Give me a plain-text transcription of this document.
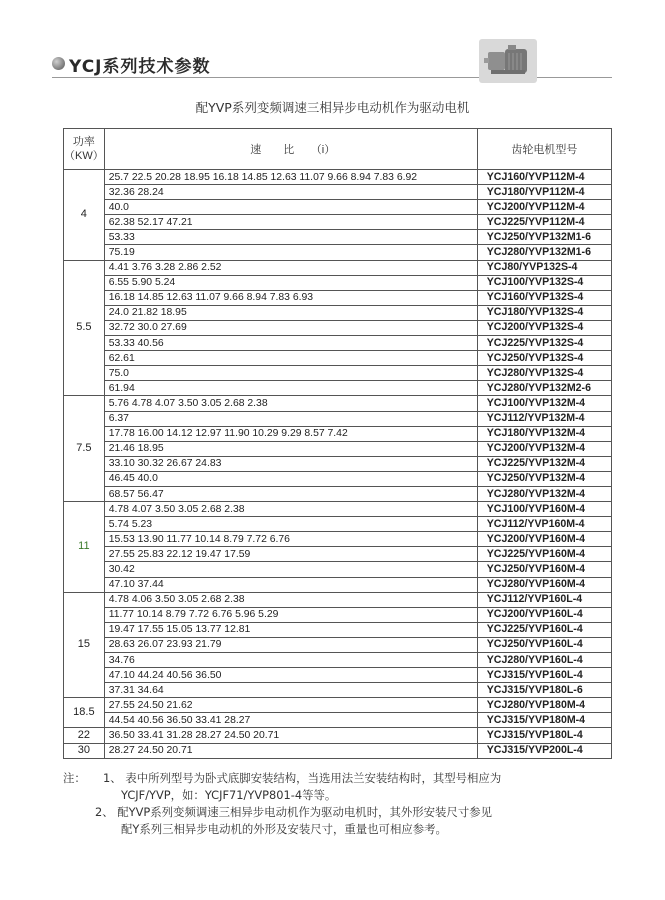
YCJ系列技术参数
配YVP系列变频调速三相异步电动机作为驱动电机
功率
（KW）	速　　比　　（i）	齿轮电机型号
4	25.7 22.5 20.28 18.95 16.18 14.85 12.63 11.07 9.66 8.94 7.83 6.92	YCJ160/YVP112M-4
	32.36 28.24	YCJ180/YVP112M-4
	40.0	YCJ200/YVP112M-4
	62.38 52.17 47.21	YCJ225/YVP112M-4
	53.33	YCJ250/YVP132M1-6
	75.19	YCJ280/YVP132M1-6
5.5	4.41 3.76 3.28 2.86 2.52	YCJ80/YVP132S-4
	6.55 5.90 5.24	YCJ100/YVP132S-4
	16.18 14.85 12.63 11.07 9.66 8.94 7.83 6.93	YCJ160/YVP132S-4
	24.0 21.82 18.95	YCJ180/YVP132S-4
	32.72 30.0 27.69	YCJ200/YVP132S-4
	53.33 40.56	YCJ225/YVP132S-4
	62.61	YCJ250/YVP132S-4
	75.0	YCJ280/YVP132S-4
	61.94	YCJ280/YVP132M2-6
7.5	5.76 4.78 4.07 3.50 3.05 2.68 2.38	YCJ100/YVP132M-4
	6.37	YCJ112/YVP132M-4
	17.78 16.00 14.12 12.97 11.90 10.29 9.29 8.57 7.42	YCJ180/YVP132M-4
	21.46 18.95	YCJ200/YVP132M-4
	33.10 30.32 26.67 24.83	YCJ225/YVP132M-4
	46.45 40.0	YCJ250/YVP132M-4
	68.57 56.47	YCJ280/YVP132M-4
11	4.78 4.07 3.50 3.05 2.68 2.38	YCJ100/YVP160M-4
	5.74 5.23	YCJ112/YVP160M-4
	15.53 13.90 11.77 10.14 8.79 7.72 6.76	YCJ200/YVP160M-4
	27.55 25.83 22.12 19.47 17.59	YCJ225/YVP160M-4
	30.42	YCJ250/YVP160M-4
	47.10 37.44	YCJ280/YVP160M-4
15	4.78 4.06 3.50 3.05 2.68 2.38	YCJ112/YVP160L-4
	11.77 10.14 8.79 7.72 6.76 5.96 5.29	YCJ200/YVP160L-4
	19.47 17.55 15.05 13.77 12.81	YCJ225/YVP160L-4
	28.63 26.07 23.93 21.79	YCJ250/YVP160L-4
	34.76	YCJ280/YVP160L-4
	47.10 44.24 40.56 36.50	YCJ315/YVP160L-4
	37.31 34.64	YCJ315/YVP180L-6
18.5	27.55 24.50 21.62	YCJ280/YVP180M-4
	44.54 40.56 36.50 33.41 28.27	YCJ315/YVP180M-4
22	36.50 33.41 31.28 28.27 24.50 20.71	YCJ315/YVP180L-4
30	28.27 24.50 20.71	YCJ315/YVP200L-4
注： 1、 表中所列型号为卧式底脚安装结构，当选用法兰安装结构时，其型号相应为
YCJF/YVP，如：YCJF71/YVP801-4等等。
2、 配YVP系列变频调速三相异步电动机作为驱动电机时，其外形安装尺寸参见
配Y系列三相异步电动机的外形及安装尺寸，重量也可相应参考。
